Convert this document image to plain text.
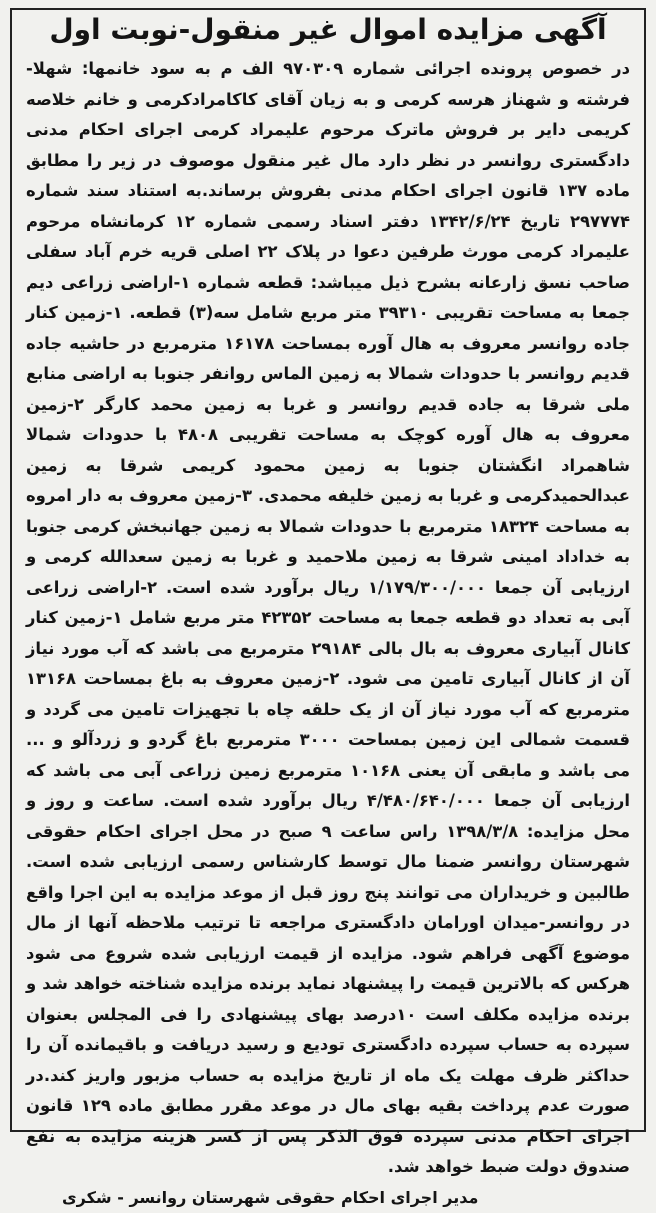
آگهی مزایده اموال غیر منقول-نوبت اول

در خصوص پرونده اجرائی شماره ۹۷۰۳۰۹ الف م به سود خانمها: شهلا-فرشته و شهناز هرسه کرمی و به زیان آقای کاکامرادکرمی و خانم خلاصه کریمی دایر بر فروش ماترک مرحوم علیمراد کرمی اجرای احکام مدنی دادگستری روانسر در نظر دارد مال غیر منقول موصوف در زیر را مطابق ماده ۱۳۷ قانون اجرای احکام مدنی بفروش برساند.به استناد سند شماره ۲۹۷۷۷۴ تاریخ ۱۳۴۲/۶/۲۴ دفتر اسناد رسمی شماره ۱۲ کرمانشاه مرحوم علیمراد کرمی مورث طرفین دعوا در پلاک ۲۲ اصلی قریه خرم آباد سفلی صاحب نسق زارعانه بشرح ذیل میباشد: قطعه شماره ۱-اراضی زراعی دیم جمعا به مساحت تقریبی ۳۹۳۱۰ متر مربع شامل سه(۳) قطعه. ۱-زمین کنار جاده روانسر معروف به هال آوره بمساحت ۱۶۱۷۸ مترمربع در حاشیه جاده قدیم روانسر با حدودات شمالا به زمین الماس روانفر جنوبا به اراضی منابع ملی شرقا به جاده قدیم روانسر و غربا به زمین محمد کارگر ۲-زمین معروف به هال آوره کوچک به مساحت تقریبی ۴۸۰۸ با حدودات شمالا شاهمراد انگشتان جنوبا به زمین محمود کریمی شرقا به زمین عبدالحمیدکرمی و غربا به زمین خلیفه محمدی. ۳-زمین معروف به دار امروه به مساحت ۱۸۳۲۴ مترمربع با حدودات شمالا به زمین جهانبخش کرمی جنوبا به خداداد امینی شرقا به زمین ملاحمید و غربا به زمین سعدالله کرمی و ارزیابی آن جمعا ۱/۱۷۹/۳۰۰/۰۰۰ ریال برآورد شده است. ۲-اراضی زراعی آبی به تعداد دو قطعه جمعا به مساحت ۴۲۳۵۲ متر مربع شامل ۱-زمین کنار کانال آبیاری معروف به بال بالی ۲۹۱۸۴ مترمربع می باشد که آب مورد نیاز آن از کانال آبیاری تامین می شود. ۲-زمین معروف به باغ بمساحت ۱۳۱۶۸ مترمربع که آب مورد نیاز آن از یک حلقه چاه با تجهیزات تامین می گردد و قسمت شمالی این زمین بمساحت ۳۰۰۰ مترمربع باغ گردو و زردآلو و ... می باشد و مابقی آن یعنی ۱۰۱۶۸ مترمربع زمین زراعی آبی می باشد که ارزیابی آن جمعا ۴/۴۸۰/۶۴۰/۰۰۰ ریال برآورد شده است. ساعت و روز و محل مزایده: ۱۳۹۸/۳/۸ راس ساعت ۹ صبح در محل اجرای احکام حقوقی شهرستان روانسر ضمنا مال توسط کارشناس رسمی ارزیابی شده است. طالبین و خریداران می توانند پنج روز قبل از موعد مزایده به این اجرا واقع در روانسر-میدان اورامان دادگستری مراجعه تا ترتیب ملاحظه آنها از مال موضوع آگهی فراهم شود. مزایده از قیمت ارزیابی شده شروع می شود هرکس که بالاترین قیمت را پیشنهاد نماید برنده مزایده شناخته خواهد شد و برنده مزایده مکلف است ۱۰درصد بهای پیشنهادی را فی المجلس بعنوان سپرده به حساب سپرده دادگستری تودیع و رسید دریافت و باقیمانده آن را حداکثر ظرف مهلت یک ماه از تاریخ مزایده به حساب مزبور واریز کند.در صورت عدم پرداخت بقیه بهای مال در موعد مقرر مطابق ماده ۱۲۹ قانون اجرای احکام مدنی سپرده فوق الذکر پس از کسر هزینه مزایده به نفع صندوق دولت ضبط خواهد شد.

مدیر اجرای احکام حقوقی شهرستان روانسر - شکری
